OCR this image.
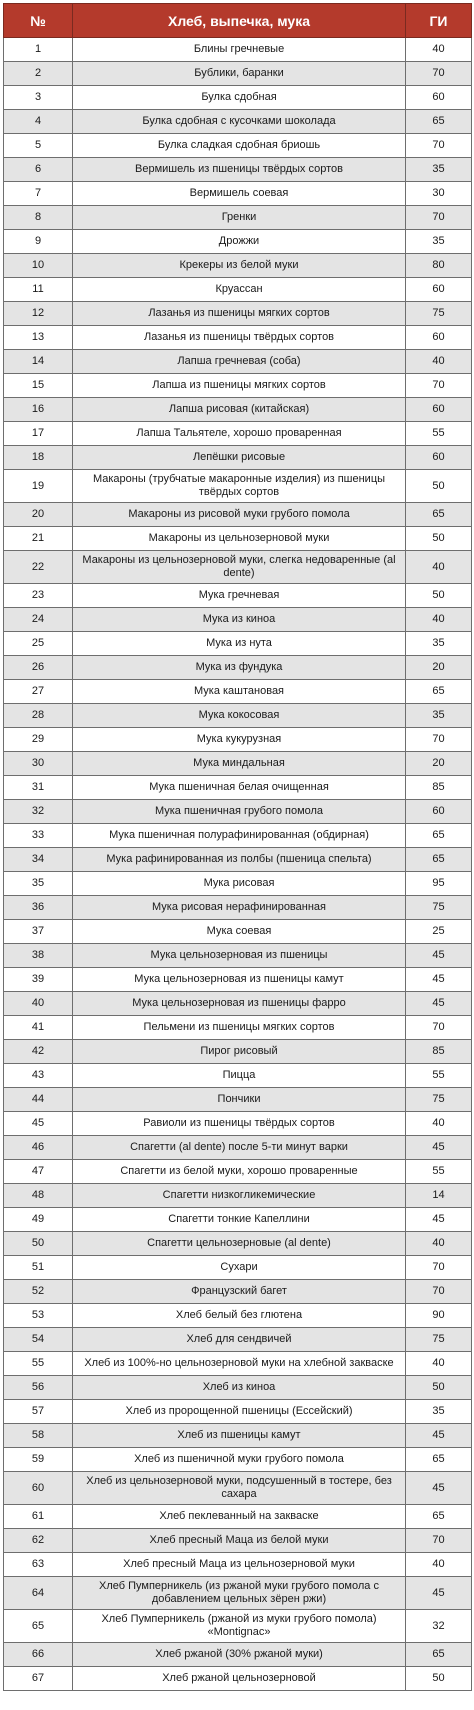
№	Хлеб, выпечка, мука	ГИ
1	Блины гречневые	40
2	Бублики, баранки	70
3	Булка сдобная	60
4	Булка сдобная с кусочками шоколада	65
5	Булка сладкая сдобная бриошь	70
6	Вермишель из пшеницы твёрдых сортов	35
7	Вермишель соевая	30
8	Гренки	70
9	Дрожжи	35
10	Крекеры из белой муки	80
11	Круассан	60
12	Лазанья из пшеницы мягких сортов	75
13	Лазанья из пшеницы твёрдых сортов	60
14	Лапша гречневая (соба)	40
15	Лапша из пшеницы мягких сортов	70
16	Лапша рисовая (китайская)	60
17	Лапша Тальятеле, хорошо проваренная	55
18	Лепёшки рисовые	60
19	Макароны (трубчатые макаронные изделия) из пшеницы твёрдых сортов	50
20	Макароны из рисовой муки грубого помола	65
21	Макароны из цельнозерновой муки	50
22	Макароны из цельнозерновой муки, слегка недоваренные (al dente)	40
23	Мука гречневая	50
24	Мука из киноа	40
25	Мука из нута	35
26	Мука из фундука	20
27	Мука каштановая	65
28	Мука кокосовая	35
29	Мука кукурузная	70
30	Мука миндальная	20
31	Мука пшеничная белая очищенная	85
32	Мука пшеничная грубого помола	60
33	Мука пшеничная полурафинированная (обдирная)	65
34	Мука рафинированная из полбы (пшеница спельта)	65
35	Мука рисовая	95
36	Мука рисовая нерафинированная	75
37	Мука соевая	25
38	Мука цельнозерновая из пшеницы	45
39	Мука цельнозерновая из пшеницы камут	45
40	Мука цельнозерновая из пшеницы фарро	45
41	Пельмени из пшеницы мягких сортов	70
42	Пирог рисовый	85
43	Пицца	55
44	Пончики	75
45	Равиоли из пшеницы твёрдых сортов	40
46	Спагетти (al dente) после 5-ти минут варки	45
47	Спагетти из белой муки, хорошо проваренные	55
48	Спагетти низкогликемические	14
49	Спагетти тонкие Капеллини	45
50	Спагетти цельнозерновые (al dente)	40
51	Сухари	70
52	Французский багет	70
53	Хлеб белый без глютена	90
54	Хлеб для сендвичей	75
55	Хлеб из 100%-но цельнозерновой муки на хлебной закваске	40
56	Хлеб из киноа	50
57	Хлеб из пророщенной пшеницы (Ессейский)	35
58	Хлеб из пшеницы камут	45
59	Хлеб из пшеничной муки грубого помола	65
60	Хлеб из цельнозерновой муки, подсушенный в тостере, без сахара	45
61	Хлеб пеклеванный на закваске	65
62	Хлеб пресный Маца из белой муки	70
63	Хлеб пресный Маца из цельнозерновой муки	40
64	Хлеб Пумперникель (из ржаной муки грубого помола с добавлением цельных зёрен ржи)	45
65	Хлеб Пумперникель (ржаной из муки грубого помола) «Montignac»	32
66	Хлеб ржаной (30% ржаной муки)	65
67	Хлеб ржаной цельнозерновой	50
